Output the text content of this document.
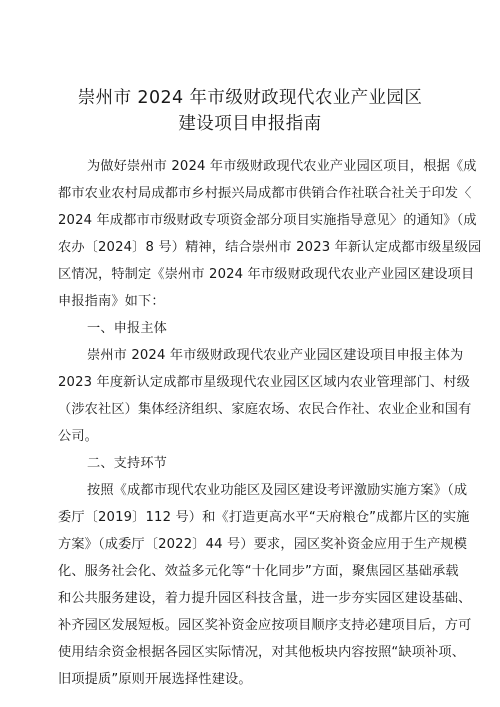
崇州市 2024 年市级财政现代农业产业园区
建设项目申报指南
为做好崇州市 2024 年市级财政现代农业产业园区项目，根据《成
都市农业农村局成都市乡村振兴局成都市供销合作社联合社关于印发〈
2024 年成都市市级财政专项资金部分项目实施指导意见〉的通知》（成
农办〔2024〕8 号）精神，结合崇州市 2023 年新认定成都市级星级园
区情况，特制定《崇州市 2024 年市级财政现代农业产业园区建设项目
申报指南》如下：
一、申报主体
崇州市 2024 年市级财政现代农业产业园区建设项目申报主体为
2023 年度新认定成都市星级现代农业园区区域内农业管理部门、村级
（涉农社区）集体经济组织、家庭农场、农民合作社、农业企业和国有
公司。
二、支持环节
按照《成都市现代农业功能区及园区建设考评激励实施方案》（成
委厅〔2019〕112 号）和《打造更高水平“天府粮仓”成都片区的实施
方案》（成委厅〔2022〕44 号）要求，园区奖补资金应用于生产规模
化、服务社会化、效益多元化等“十化同步”方面，聚焦园区基础承载
和公共服务建设，着力提升园区科技含量，进一步夯实园区建设基础、
补齐园区发展短板。园区奖补资金应按项目顺序支持必建项目后，方可
使用结余资金根据各园区实际情况，对其他板块内容按照“缺项补项、
旧项提质”原则开展选择性建设。
